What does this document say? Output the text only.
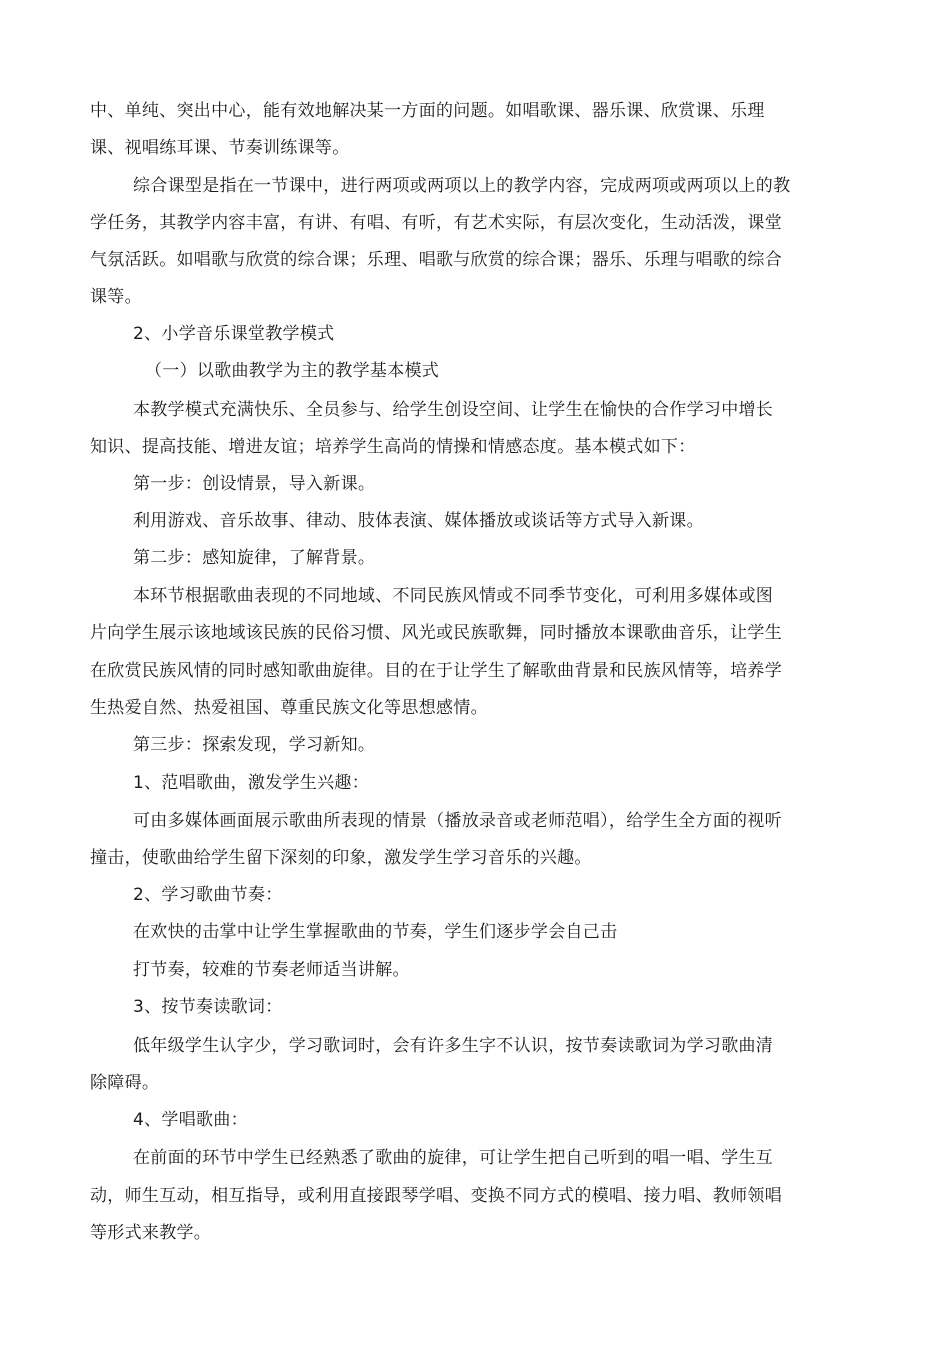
中、单纯、突出中心，能有效地解决某一方面的问题。如唱歌课、器乐课、欣赏课、乐理
课、视唱练耳课、节奏训练课等。
综合课型是指在一节课中，进行两项或两项以上的教学内容，完成两项或两项以上的教
学任务，其教学内容丰富，有讲、有唱、有听，有艺术实际，有层次变化，生动活泼，课堂
气氛活跃。如唱歌与欣赏的综合课；乐理、唱歌与欣赏的综合课；器乐、乐理与唱歌的综合
课等。
2、小学音乐课堂教学模式
（一）以歌曲教学为主的教学基本模式
本教学模式充满快乐、全员参与、给学生创设空间、让学生在愉快的合作学习中增长
知识、提高技能、增进友谊；培养学生高尚的情操和情感态度。基本模式如下：
第一步：创设情景，导入新课。
利用游戏、音乐故事、律动、肢体表演、媒体播放或谈话等方式导入新课。
第二步：感知旋律，了解背景。
本环节根据歌曲表现的不同地域、不同民族风情或不同季节变化，可利用多媒体或图
片向学生展示该地域该民族的民俗习惯、风光或民族歌舞，同时播放本课歌曲音乐，让学生
在欣赏民族风情的同时感知歌曲旋律。目的在于让学生了解歌曲背景和民族风情等，培养学
生热爱自然、热爱祖国、尊重民族文化等思想感情。
第三步：探索发现，学习新知。
1、范唱歌曲，激发学生兴趣：
可由多媒体画面展示歌曲所表现的情景（播放录音或老师范唱），给学生全方面的视听
撞击，使歌曲给学生留下深刻的印象，激发学生学习音乐的兴趣。
2、学习歌曲节奏：
在欢快的击掌中让学生掌握歌曲的节奏，学生们逐步学会自己击
打节奏，较难的节奏老师适当讲解。
3、按节奏读歌词：
低年级学生认字少，学习歌词时，会有许多生字不认识，按节奏读歌词为学习歌曲清
除障碍。
4、学唱歌曲：
在前面的环节中学生已经熟悉了歌曲的旋律，可让学生把自己听到的唱一唱、学生互
动，师生互动，相互指导，或利用直接跟琴学唱、变换不同方式的模唱、接力唱、教师领唱
等形式来教学。
